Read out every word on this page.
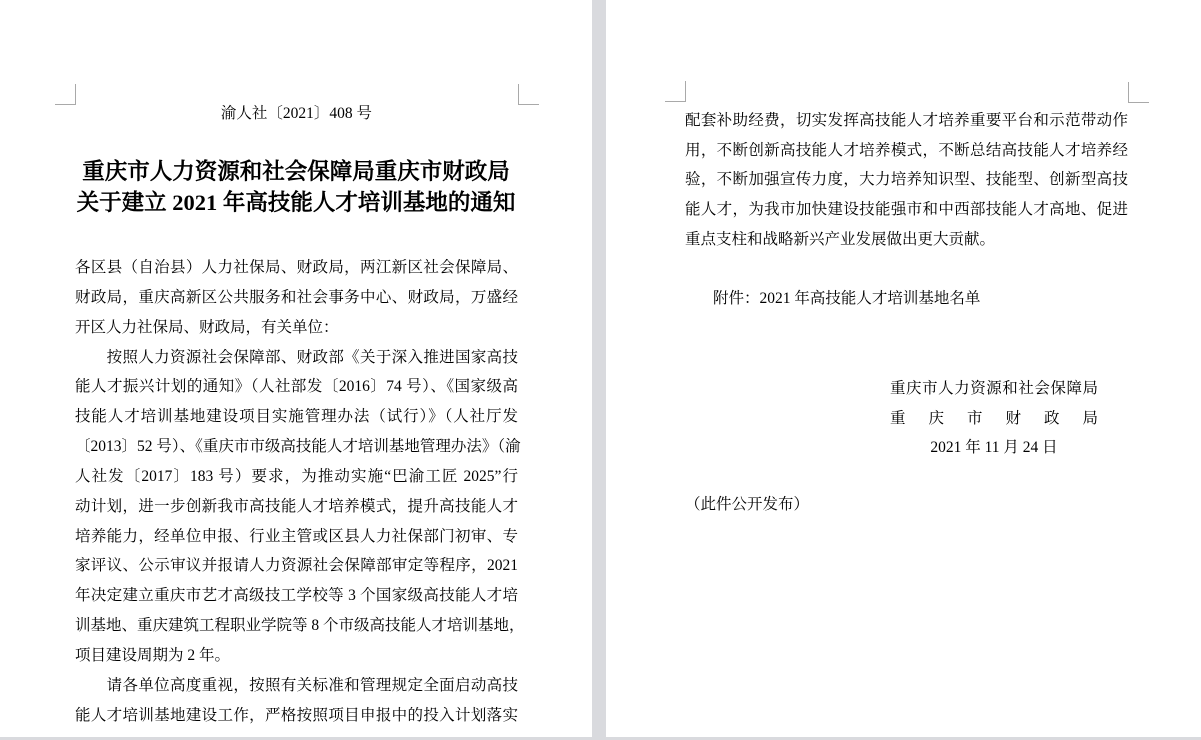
渝人社〔2021〕408 号
重庆市人力资源和社会保障局重庆市财政局
关于建立 2021 年高技能人才培训基地的通知
各区县（自治县）人力社保局、财政局，两江新区社会保障局、
财政局，重庆高新区公共服务和社会事务中心、财政局，万盛经
开区人力社保局、财政局，有关单位：
　　按照人力资源社会保障部、财政部《关于深入推进国家高技
能人才振兴计划的通知》（人社部发〔2016〕74 号）、《国家级高
技能人才培训基地建设项目实施管理办法（试行）》（人社厅发
〔2013〕52 号）、《重庆市市级高技能人才培训基地管理办法》（渝
人社发〔2017〕183 号）要求，为推动实施“巴渝工匠 2025”行
动计划，进一步创新我市高技能人才培养模式，提升高技能人才
培养能力，经单位申报、行业主管或区县人力社保部门初审、专
家评议、公示审议并报请人力资源社会保障部审定等程序，2021
年决定建立重庆市艺才高级技工学校等 3 个国家级高技能人才培
训基地、重庆建筑工程职业学院等 8 个市级高技能人才培训基地，
项目建设周期为 2 年。
　　请各单位高度重视，按照有关标准和管理规定全面启动高技
能人才培训基地建设工作，严格按照项目申报中的投入计划落实
配套补助经费，切实发挥高技能人才培养重要平台和示范带动作
用，不断创新高技能人才培养模式，不断总结高技能人才培养经
验，不断加强宣传力度，大力培养知识型、技能型、创新型高技
能人才，为我市加快建设技能强市和中西部技能人才高地、促进
重点支柱和战略新兴产业发展做出更大贡献。
附件：2021 年高技能人才培训基地名单
重庆市人力资源和社会保障局
重 庆 市 财 政 局
2021 年 11 月 24 日
（此件公开发布）
